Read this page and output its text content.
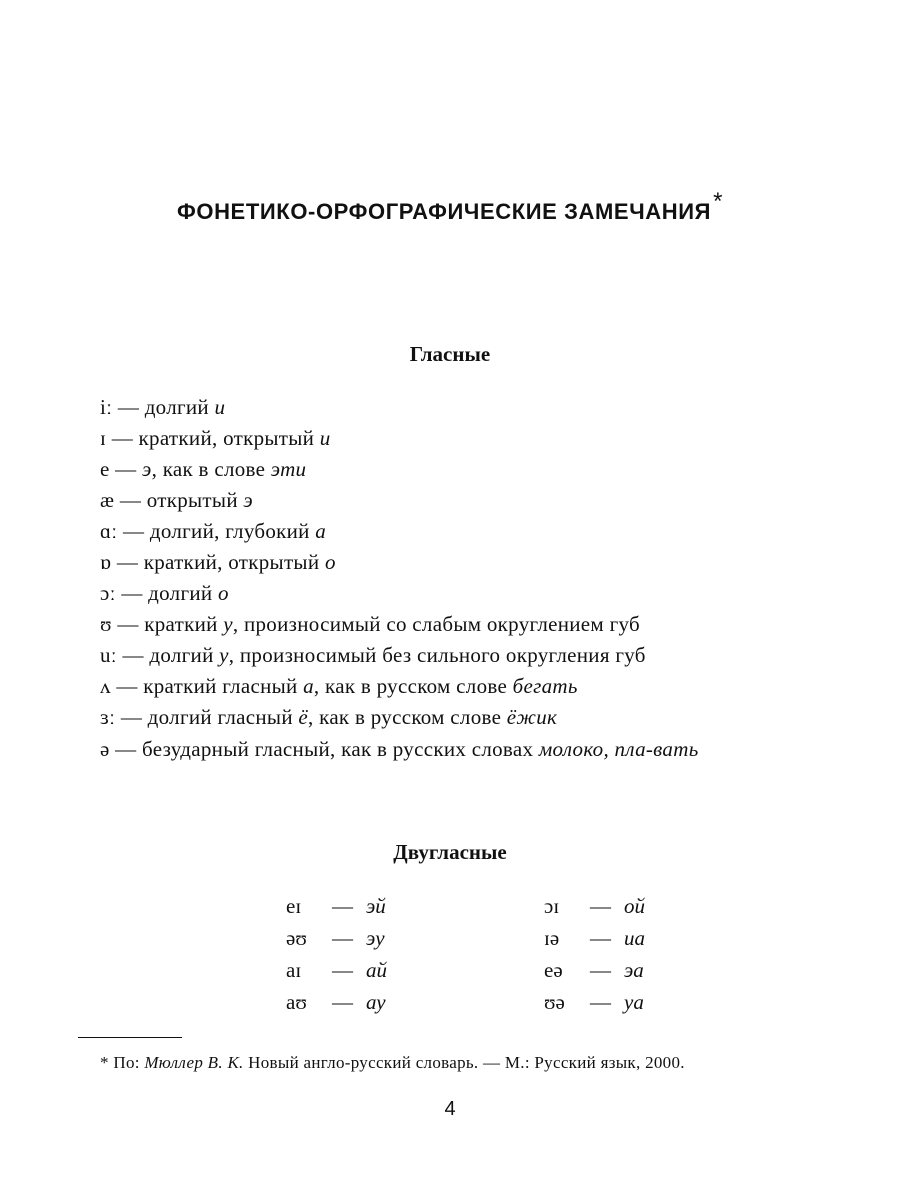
ФОНЕТИКО-ОРФОГРАФИЧЕСКИЕ ЗАМЕЧАНИЯ*
Гласные
iː — долгий и
ɪ — краткий, открытый и
e — э, как в слове эти
æ — открытый э
ɑː — долгий, глубокий а
ɒ — краткий, открытый о
ɔː — долгий о
ʊ — краткий у, произносимый со слабым округлением губ
uː — долгий у, произносимый без сильного округления губ
ʌ — краткий гласный а, как в русском слове бегать
ɜː — долгий гласный ё, как в русском слове ёжик
ə — безударный гласный, как в русских словах молоко, пла-вать
Двугласные
eɪ — эй
əʊ — эу
aɪ — ай
aʊ — ау
ɔɪ — ой
ɪə — иа
eə — эа
ʊə — уа
* По: Мюллер В. К. Новый англо-русский словарь. — М.: Русский язык, 2000.
4
